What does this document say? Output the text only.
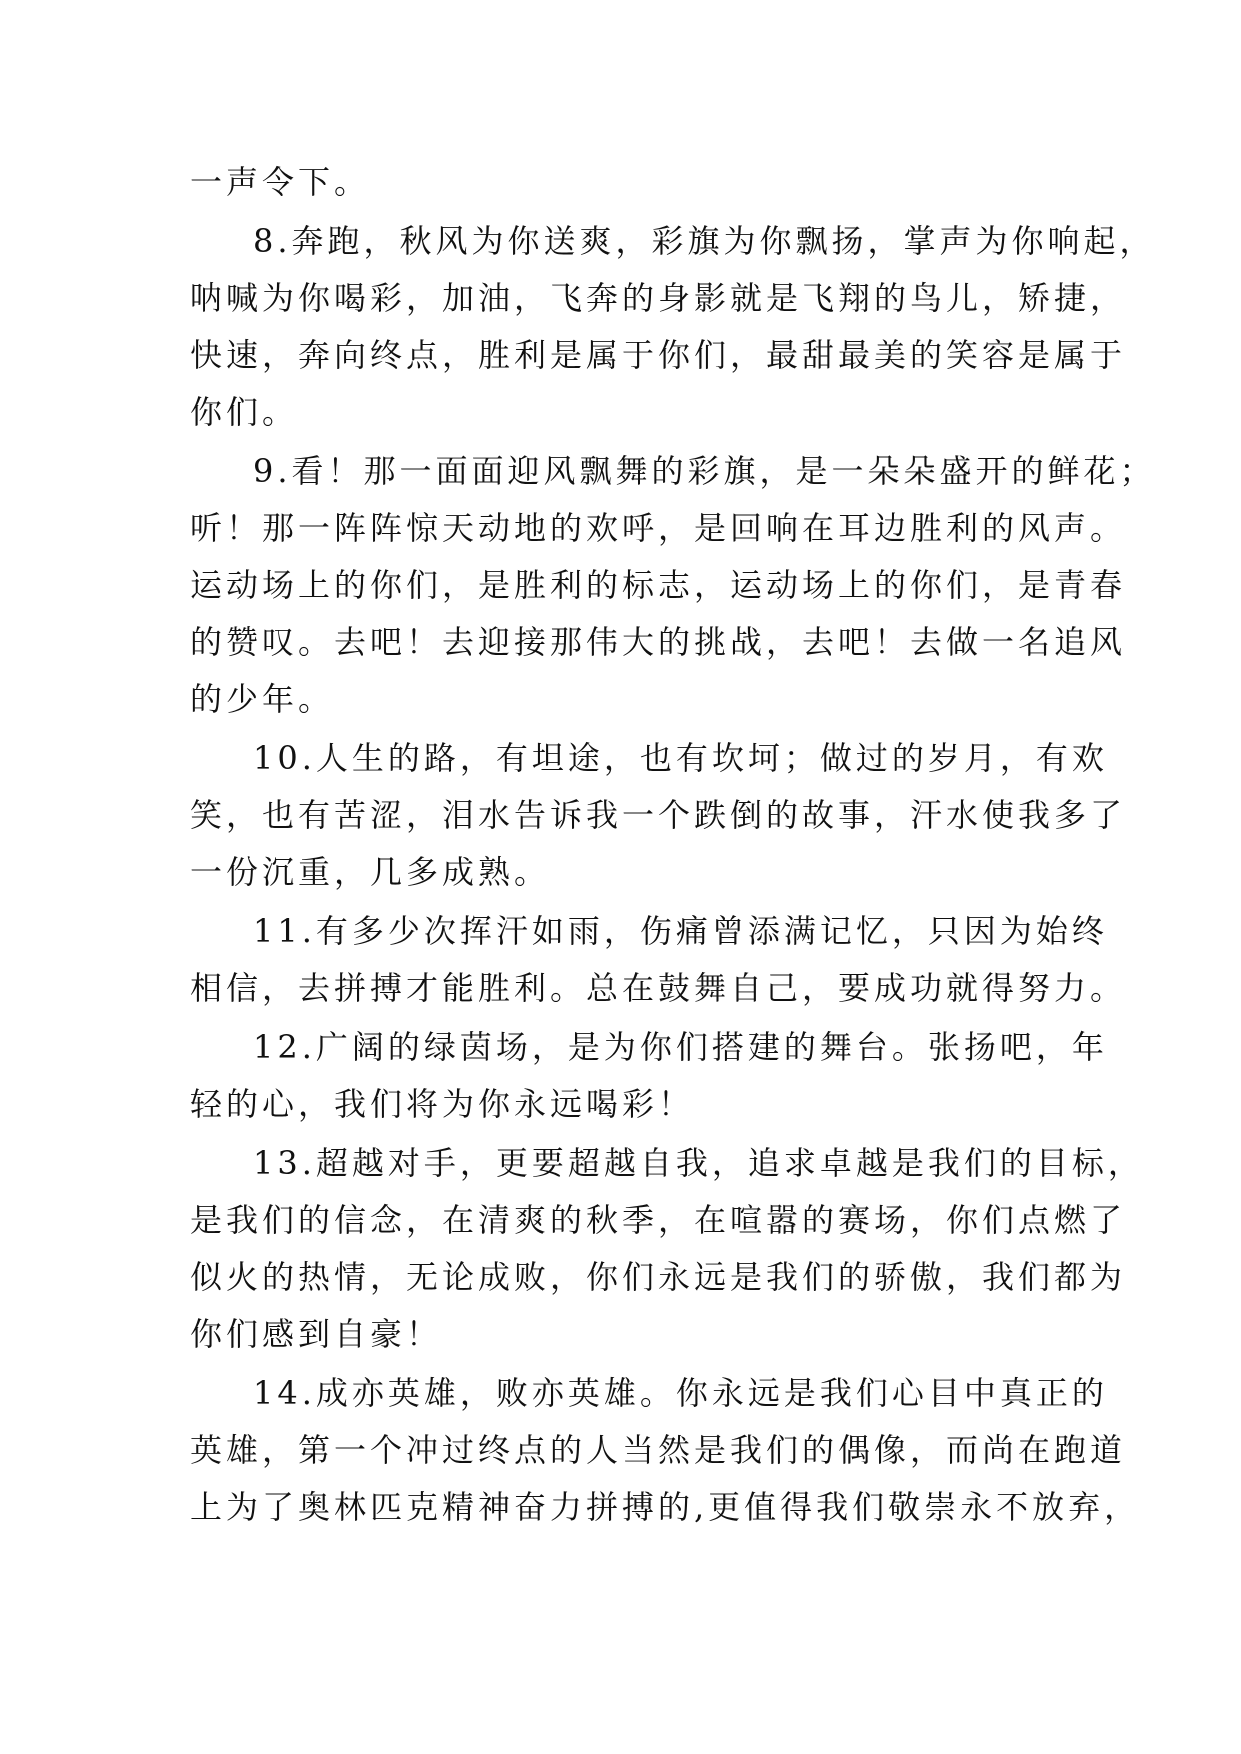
一声令下。
8.奔跑，秋风为你送爽，彩旗为你飘扬，掌声为你响起，
呐喊为你喝彩，加油，飞奔的身影就是飞翔的鸟儿，矫捷，
快速，奔向终点，胜利是属于你们，最甜最美的笑容是属于
你们。
9.看！那一面面迎风飘舞的彩旗，是一朵朵盛开的鲜花；
听！那一阵阵惊天动地的欢呼，是回响在耳边胜利的风声。
运动场上的你们，是胜利的标志，运动场上的你们，是青春
的赞叹。去吧！去迎接那伟大的挑战，去吧！去做一名追风
的少年。
10.人生的路，有坦途，也有坎坷；做过的岁月，有欢
笑，也有苦涩，泪水告诉我一个跌倒的故事，汗水使我多了
一份沉重，几多成熟。
11.有多少次挥汗如雨，伤痛曾添满记忆，只因为始终
相信，去拼搏才能胜利。总在鼓舞自己，要成功就得努力。
12.广阔的绿茵场，是为你们搭建的舞台。张扬吧，年
轻的心，我们将为你永远喝彩！
13.超越对手，更要超越自我，追求卓越是我们的目标，
是我们的信念，在清爽的秋季，在喧嚣的赛场，你们点燃了
似火的热情，无论成败，你们永远是我们的骄傲，我们都为
你们感到自豪！
14.成亦英雄，败亦英雄。你永远是我们心目中真正的
英雄，第一个冲过终点的人当然是我们的偶像，而尚在跑道
上为了奥林匹克精神奋力拼搏的,更值得我们敬崇永不放弃，
